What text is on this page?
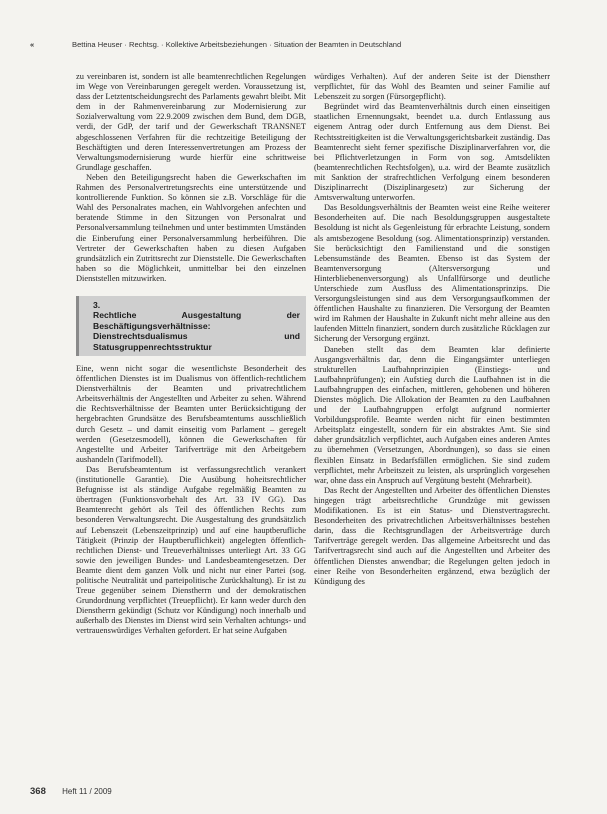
«	Bettina Heuser · Rechtsg. · Kollektive Arbeitsbeziehungen · Situation der Beamten in Deutschland

zu vereinbaren ist, sondern ist alle beamtenrechtlichen Regelungen im Wege von Vereinbarungen geregelt werden. Voraussetzung ist, dass der Letztentscheidungsrecht des Parlaments gewahrt bleibt. Mit dem in der Rahmenvereinbarung zur Modernisierung zur Sozialverwaltung vom 22.9.2009 zwischen dem Bund, dem DGB, verdi, der GdP, der tarif und der Gewerkschaft TRANSNET abgeschlossenen Verfahren für die rechtzeitige Beteiligung der Beschäftigten und deren Interessenvertretungen am Prozess der Verwaltungsmodernisierung wurde hierfür eine schrittweise Grundlage geschaffen.

Neben den Beteiligungsrecht haben die Gewerkschaften im Rahmen des Personalvertretungsrechts eine unterstützende und kontrollierende Funktion. So können sie z.B. Vorschläge für die Wahl des Personalrates machen, ein Wahlvorgehen anfechten und beratende Stimme in den Sitzungen von Personalrat und Personalversammlung teilnehmen und unter bestimmten Umständen die Einberufung einer Personalversammlung herbeiführen. Die Vertreter der Gewerkschaften haben zu diesen Aufgaben grundsätzlich ein Zutrittsrecht zur Dienststelle. Die Gewerkschaften haben so die Möglichkeit, unmittelbar bei den einzelnen Dienststellen mitzuwirken.

3.
Rechtliche Ausgestaltung der Beschäftigungsverhältnisse: Dienstrechtsdualismus und Statusgruppenrechtsstruktur

Eine, wenn nicht sogar die wesentlichste Besonderheit des öffentlichen Dienstes ist im Dualismus von öffentlich-rechtlichem Dienstverhältnis der Beamten und privatrechtlichem Arbeitsverhältnis der Angestellten und Arbeiter zu sehen. Während die Rechtsverhältnisse der Beamten unter Berücksichtigung der hergebrachten Grundsätze des Berufsbeamtentums ausschließlich durch Gesetz – und damit einseitig vom Parlament – geregelt werden (Gesetzesmodell), können die Gewerkschaften für Angestellte und Arbeiter Tarifverträge mit den Arbeitgebern aushandeln (Tarifmodell).

Das Berufsbeamtentum ist verfassungsrechtlich verankert (institutionelle Garantie). Die Ausübung hoheitsrechtlicher Befugnisse ist als ständige Aufgabe regelmäßig Beamten zu übertragen (Funktionsvorbehalt des Art. 33 IV GG). Das Beamtenrecht gehört als Teil des öffentlichen Rechts zum besonderen Verwaltungsrecht. Die Ausgestaltung des grundsätzlich auf Lebenszeit (Lebenszeitprinzip) und auf eine hauptberufliche Tätigkeit (Prinzip der Hauptberuflichkeit) angelegten öffentlich-rechtlichen Dienst- und Treueverhältnisses unterliegt Art. 33 GG sowie den jeweiligen Bundes- und Landesbeamtengesetzen. Der Beamte dient dem ganzen Volk und nicht nur einer Partei (sog. politische Neutralität und parteipolitische Zurückhaltung). Er ist zu Treue gegenüber seinem Dienstherrn und der demokratischen Grundordnung verpflichtet (Treuepflicht). Er kann weder durch den Dienstherrn gekündigt (Schutz vor Kündigung) noch innerhalb und außerhalb des Dienstes im Dienst wird sein Verhalten achtungs- und vertrauenswürdiges Verhalten gefordert. Er hat seine Aufgaben

würdiges Verhalten). Auf der anderen Seite ist der Dienstherr verpflichtet, für das Wohl des Beamten und seiner Familie auf Lebenszeit zu sorgen (Fürsorgepflicht).

Begründet wird das Beamtenverhältnis durch einen einseitigen staatlichen Ernennungsakt, beendet u.a. durch Entlassung aus eigenem Antrag oder durch Entfernung aus dem Dienst. Bei Rechtsstreitigkeiten ist die Verwaltungsgerichtsbarkeit zuständig. Das Beamtenrecht sieht ferner spezifische Disziplinarverfahren vor, die bei Pflichtverletzungen in Form von sog. Amtsdelikten (beamtenrechtlichen Rechtsfolgen), u.a. wird der Beamte zusätzlich mit Sanktion der strafrechtlichen Verfolgung einem besonderen Disziplinarrecht (Disziplinargesetz) zur Sicherung der Amtsverwaltung unterworfen.

Das Besoldungsverhältnis der Beamten weist eine Reihe weiterer Besonderheiten auf. Die nach Besoldungsgruppen ausgestaltete Besoldung ist nicht als Gegenleistung für erbrachte Leistung, sondern als amtsbezogene Besoldung (sog. Alimentationsprinzip) verstanden. Sie berücksichtigt den Familienstand und die sonstigen Lebensumstände des Beamten. Ebenso ist das System der Beamtenversorgung (Altersversorgung und Hinterbliebenenversorgung) als Unfallfürsorge und deutliche Unterschiede zum Ausfluss des Alimentationsprinzips. Die Versorgungsleistungen sind aus dem Versorgungsaufkommen der öffentlichen Haushalte zu finanzieren. Die Versorgung der Beamten wird im Rahmen der Haushalte in Zukunft nicht mehr alleine aus den laufenden Mitteln finanziert, sondern durch zusätzliche Rücklagen zur Sicherung der Versorgung ergänzt.

Daneben stellt das dem Beamten klar definierte Ausgangsverhältnis dar, denn die Eingangsämter unterliegen strukturellen Laufbahnprinzipien (Einstiegs- und Laufbahnprüfungen); ein Aufstieg durch die Laufbahnen ist in die Laufbahngruppen des einfachen, mittleren, gehobenen und höheren Dienstes möglich. Die Allokation der Beamten zu den Laufbahnen und der Laufbahngruppen erfolgt aufgrund normierter Vorbildungsprofile. Beamte werden nicht für einen bestimmten Arbeitsplatz eingestellt, sondern für ein abstraktes Amt. Sie sind daher grundsätzlich verpflichtet, auch Aufgaben eines anderen Amtes zu übernehmen (Versetzungen, Abordnungen), so dass sie einen flexiblen Einsatz in Bedarfsfällen ermöglichen. Sie sind zudem verpflichtet, mehr Arbeitszeit zu leisten, als ursprünglich vorgesehen war, ohne dass ein Anspruch auf Vergütung besteht (Mehrarbeit).

Das Recht der Angestellten und Arbeiter des öffentlichen Dienstes hingegen trägt arbeitsrechtliche Grundzüge mit gewissen Modifikationen. Es ist ein Status- und Dienstvertragsrecht. Besonderheiten des privatrechtlichen Arbeitsverhältnisses bestehen darin, dass die Rechtsgrundlagen der Arbeitsverträge durch Tarifverträge geregelt werden. Das allgemeine Arbeitsrecht und das Tarifvertragsrecht sind auch auf die Angestellten und Arbeiter des öffentlichen Dienstes anwendbar; die Regelungen gelten jedoch in einer Reihe von Besonderheiten ergänzend, etwa bezüglich der Kündigung des

368 Heft 11 / 2009
